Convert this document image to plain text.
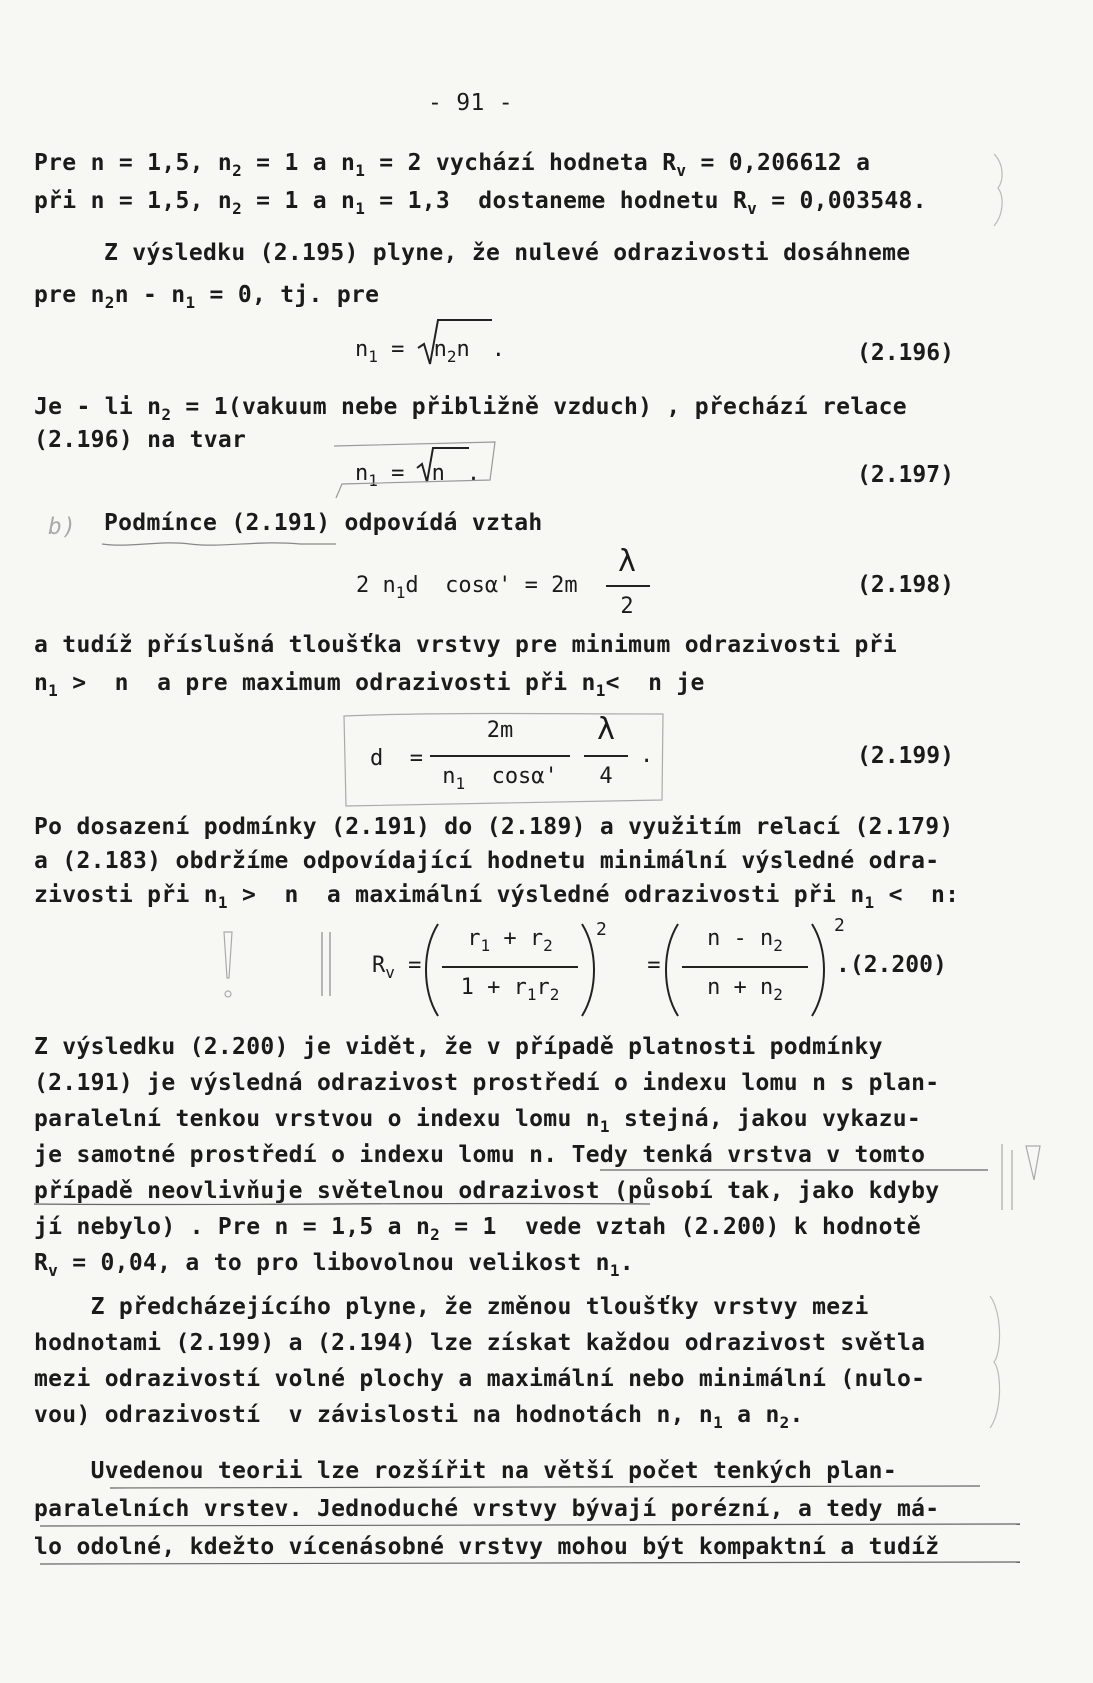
- 91 -
Pre n = 1,5, $n_2 = 1$ a $n_1 = 2$ vychází hodneta $R_v = 0,206612$ a
při n = 1,5, $n_2 = 1$ a $n_1 = 1,3$  dostaneme hodnetu $R_v = 0,003548$.
Z výsledku (2.195) plyne, že nulevé odrazivosti dosáhneme
pre $n_2n - n_1 = 0$, tj. pre
$n_1 = n_2n$ .	(2.196)
Je - li $n_2$ = 1(vakuum nebe přibližně vzduch) , přechází relace
(2.196) na tvar
$n_1 = n$ .	(2.197)
b) Podmínce (2.191) odpovídá vztah
2 $n_1d$  cosα' = 2m
λ
2
(2.198)
a tudíž příslušná tloušťka vrstvy pre minimum odrazivosti při
$n_1 > n$  a pre maximum odrazivosti při $n_1< n$ je
d  =
2m
$n_1$  cosα'
λ
4
.	(2.199)
Po dosazení podmínky (2.191) do (2.189) a využitím relací (2.179)
a (2.183) obdržíme odpovídající hodnetu minimální výsledné odra-
zivosti při $n_1 > n$  a maximální výsledné odrazivosti při $n_1 < n$:
$R_v$ =
$r_1 + r_2$
$1 + r_1r_2$
2
=
n - $n_2$
$n + n_2$
2
.(2.200)
Z výsledku (2.200) je vidět, že v případě platnosti podmínky
(2.191) je výsledná odrazivost prostředí o indexu lomu n s plan-
paralelní tenkou vrstvou o indexu lomu $n_1$ stejná, jakou vykazu-
je samotné prostředí o indexu lomu n. Tedy tenká vrstva v tomto
případě neovlivňuje světelnou odrazivost (působí tak, jako kdyby
jí nebylo) . Pre n = 1,5 a $n_2 = 1$  vede vztah (2.200) k hodnotě
$R_v = 0,04$, a to pro libovolnou velikost $n_1$.
Z předcházejícího plyne, že změnou tloušťky vrstvy mezi
hodnotami (2.199) a (2.194) lze získat každou odrazivost světla
mezi odrazivostí volné plochy a maximální nebo minimální (nulo-
vou) odrazivostí  v závislosti na hodnotách n, $n_1$ a $n_2$.
Uvedenou teorii lze rozšířit na větší počet tenkých plan-
paralelních vrstev. Jednoduché vrstvy bývají porézní, a tedy má-
lo odolné, kdežto vícenásobné vrstvy mohou být kompaktní a tudíž
